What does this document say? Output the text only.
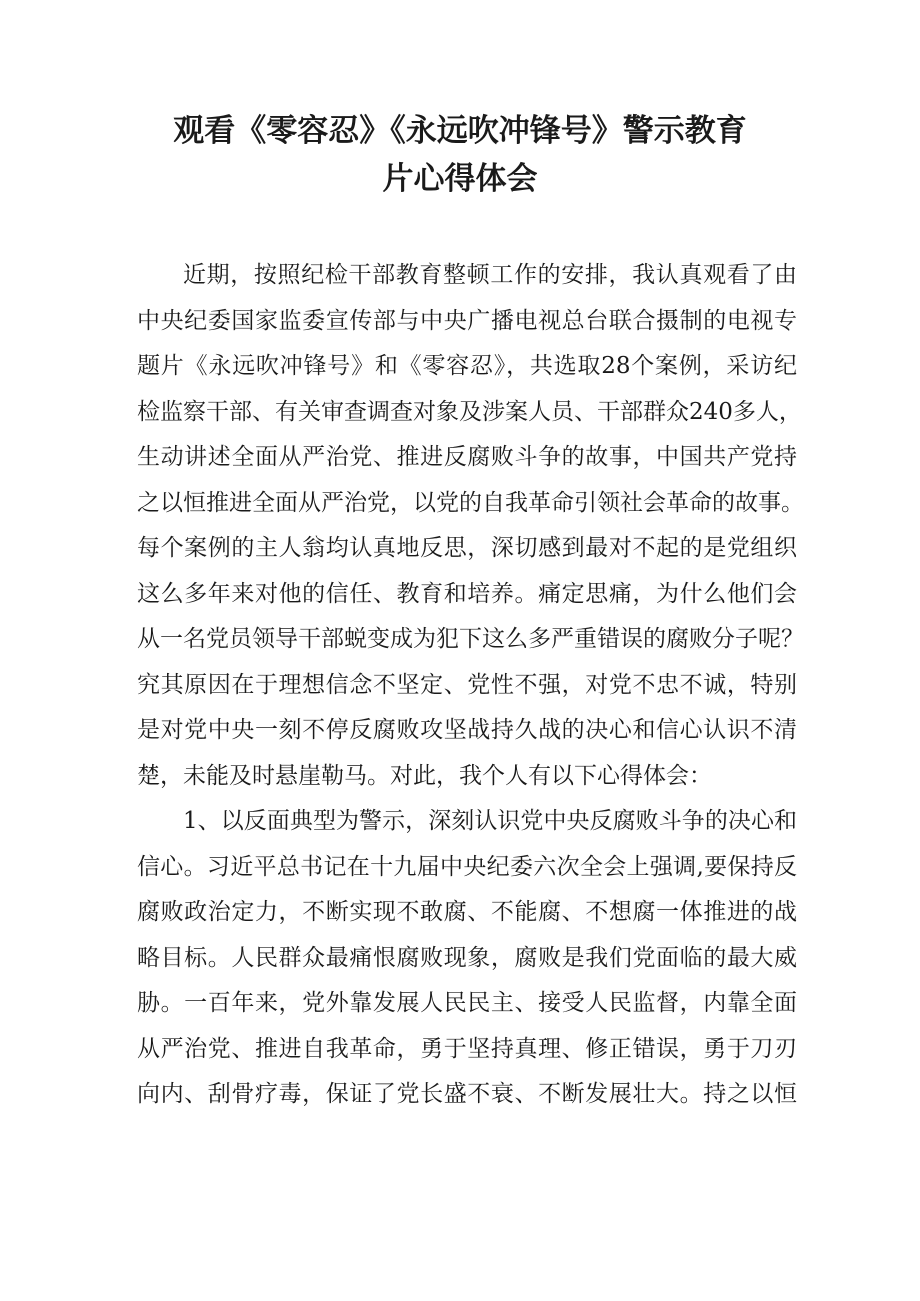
观看《零容忍》《永远吹冲锋号》警示教育
片心得体会
近期，按照纪检干部教育整顿工作的安排，我认真观看了由
中央纪委国家监委宣传部与中央广播电视总台联合摄制的电视专
题片《永远吹冲锋号》和《零容忍》，共选取28个案例，采访纪
检监察干部、有关审查调查对象及涉案人员、干部群众240多人，
生动讲述全面从严治党、推进反腐败斗争的故事，中国共产党持
之以恒推进全面从严治党，以党的自我革命引领社会革命的故事。
每个案例的主人翁均认真地反思，深切感到最对不起的是党组织
这么多年来对他的信任、教育和培养。痛定思痛，为什么他们会
从一名党员领导干部蜕变成为犯下这么多严重错误的腐败分子呢？
究其原因在于理想信念不坚定、党性不强，对党不忠不诚，特别
是对党中央一刻不停反腐败攻坚战持久战的决心和信心认识不清
楚，未能及时悬崖勒马。对此，我个人有以下心得体会：
1、以反面典型为警示，深刻认识党中央反腐败斗争的决心和
信心。习近平总书记在十九届中央纪委六次全会上强调,要保持反
腐败政治定力，不断实现不敢腐、不能腐、不想腐一体推进的战
略目标。人民群众最痛恨腐败现象，腐败是我们党面临的最大威
胁。一百年来，党外靠发展人民民主、接受人民监督，内靠全面
从严治党、推进自我革命，勇于坚持真理、修正错误，勇于刀刃
向内、刮骨疗毒，保证了党长盛不衰、不断发展壮大。持之以恒
